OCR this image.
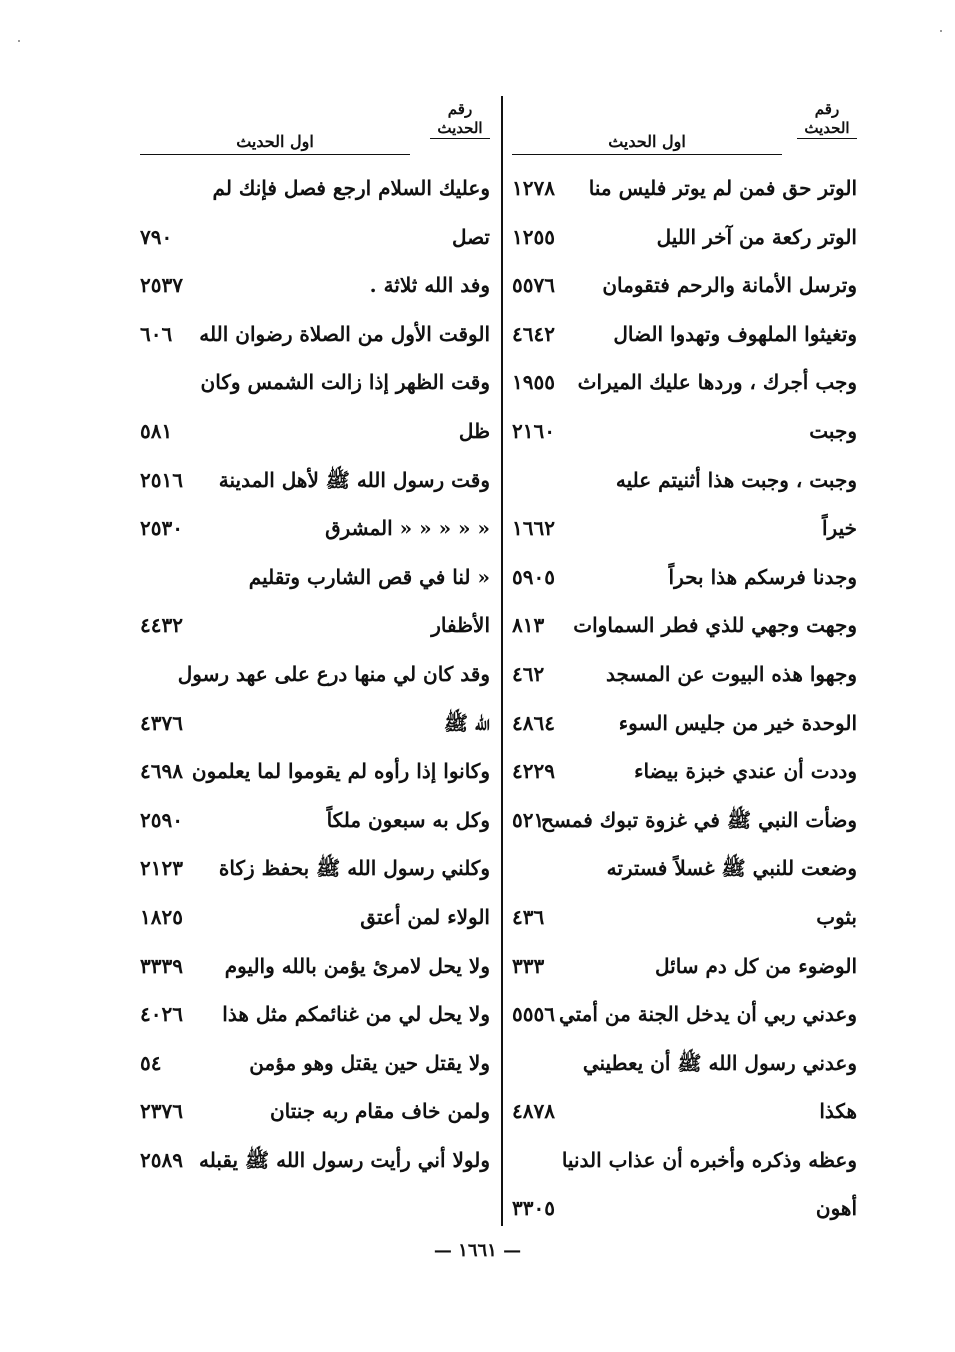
رقم
الحديث
اول الحديث
الوتر حق فمن لم يوتر فليس منا
١٢٧٨
الوتر ركعة من آخر الليل
١٢٥٥
وترسل الأمانة والرحم فتقومان
٥٥٧٦
وتغيثوا الملهوف وتهدوا الضال
٤٦٤٢
وجب أجرك ، وردها عليك الميراث
١٩٥٥
وجبت
٢١٦٠
وجبت ، وجبت هذا أثنيتم عليه
خيراً
١٦٦٢
وجدنا فرسكم هذا بحراً
٥٩٠٥
وجهت وجهي للذي فطر السماوات
٨١٣
وجهوا هذه البيوت عن المسجد
٤٦٢
الوحدة خير من جليس السوء
٤٨٦٤
وددت أن عندي خبزة بيضاء
٤٢٢٩
وضأت النبي ﷺ في غزوة تبوك فمسح
٥٢١
وضعت للنبي ﷺ غسلاً فسترته
بثوب
٤٣٦
الوضوء من كل دم سائل
٣٣٣
وعدني ربي أن يدخل الجنة من أمتي
٥٥٥٦
وعدني رسول الله ﷺ أن يعطيني
هكذا
٤٨٧٨
وعظه وذكره وأخبره أن عذاب الدنيا
أهون
٣٣٠٥
رقم
الحديث
اول الحديث
وعليك السلام ارجع فصل فإنك لم
تصل
٧٩٠
وفد الله ثلاثة .
٢٥٣٧
الوقت الأول من الصلاة رضوان الله
٦٠٦
وقت الظهر إذا زالت الشمس وكان
ظل
٥٨١
وقت رسول الله ﷺ لأهل المدينة
٢٥١٦
« « « « « المشرق
٢٥٣٠
« لنا في قص الشارب وتقليم
الأظفار
٤٤٣٢
وقد كان لي منها درع على عهد رسول
الله ﷺ
٤٣٧٦
وكانوا إذا رأوه لم يقوموا لما يعلمون
٤٦٩٨
وكل به سبعون ملكاً
٢٥٩٠
وكلني رسول الله ﷺ بحفظ زكاة
٢١٢٣
الولاء لمن أعتق
١٨٢٥
ولا يحل لامرئ يؤمن بالله واليوم
٣٣٣٩
ولا يحل لي من غنائمكم مثل هذا
٤٠٢٦
ولا يقتل حين يقتل وهو مؤمن
٥٤
ولمن خاف مقام ربه جنتان
٢٣٧٦
ولولا أني رأيت رسول الله ﷺ يقبله
٢٥٨٩
— ١٦٦١ —
